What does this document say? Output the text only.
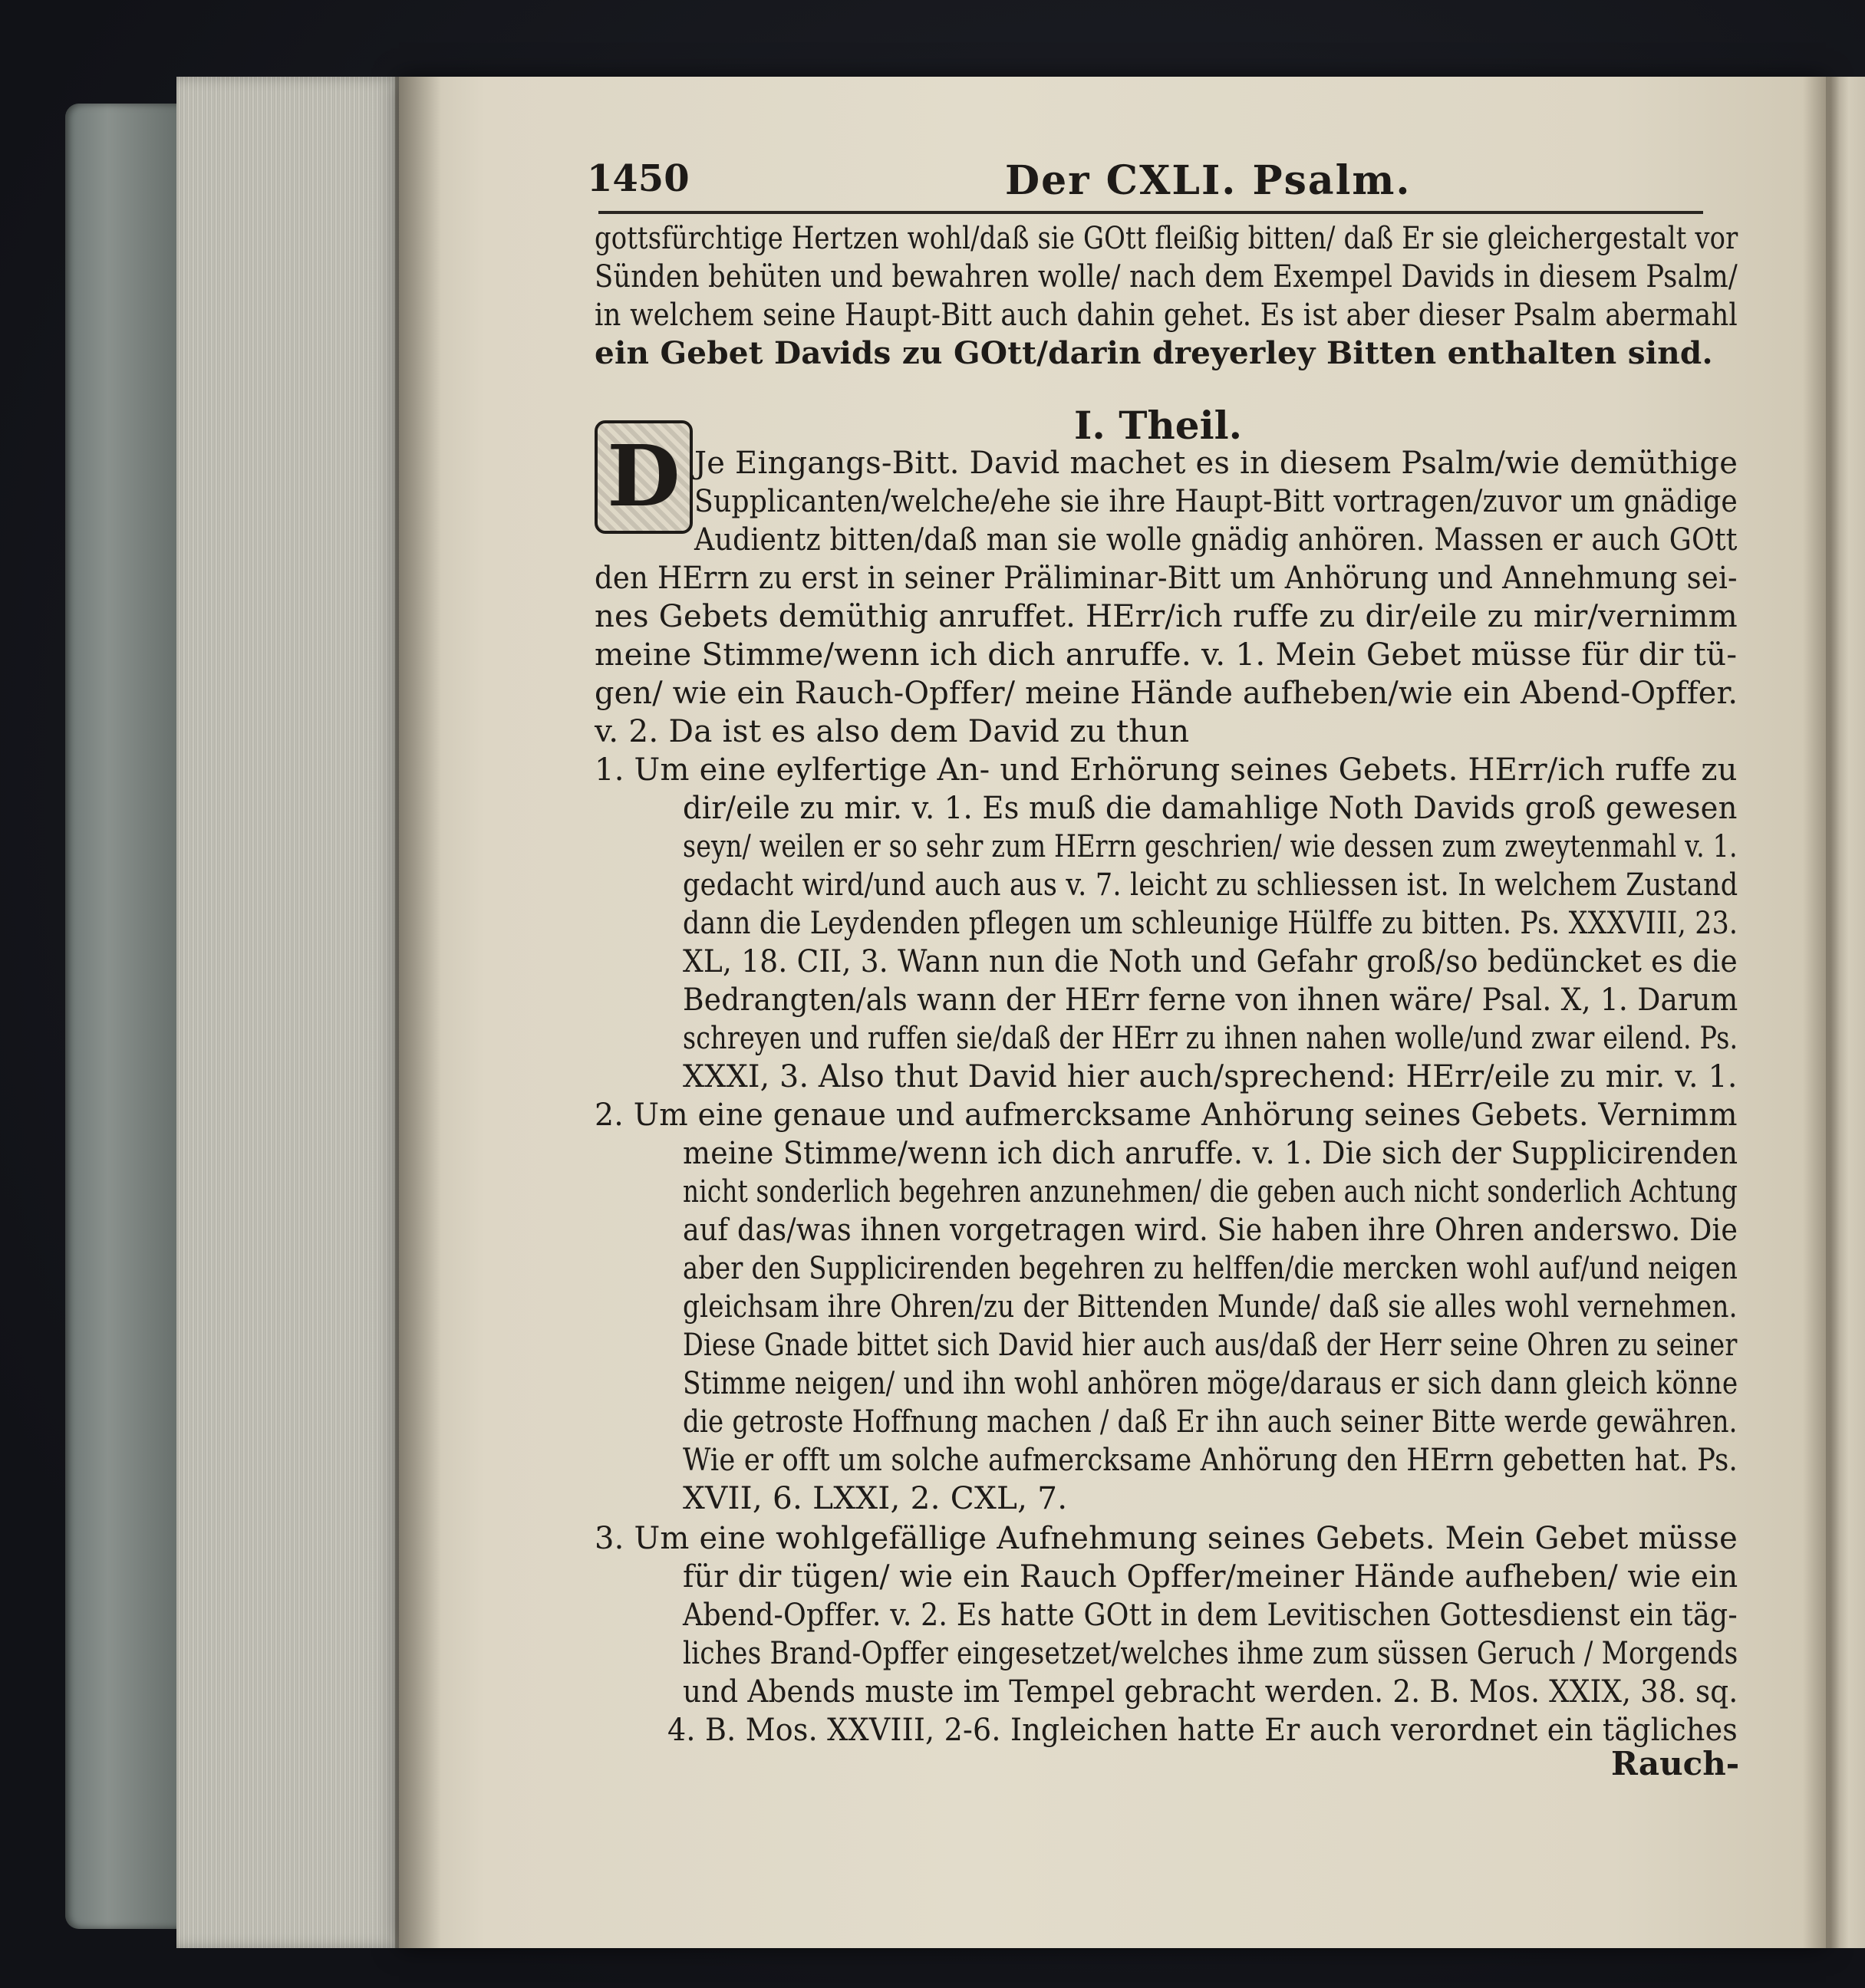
1450	Der CXLI. Psalm.
gottsfürchtige Hertzen wohl/daß sie GOtt fleißig bitten/ daß Er sie gleichergestalt vor
Sünden behüten und bewahren wolle/ nach dem Exempel Davids in diesem Psalm/
in welchem seine Haupt-Bitt auch dahin gehet. Es ist aber dieser Psalm abermahl
ein Gebet Davids zu GOtt/darin dreyerley Bitten enthalten sind.
I. Theil.
D Je Eingangs-Bitt. David machet es in diesem Psalm/wie demüthige
Supplicanten/welche/ehe sie ihre Haupt-Bitt vortragen/zuvor um gnädige
Audientz bitten/daß man sie wolle gnädig anhören. Massen er auch GOtt
den HErrn zu erst in seiner Präliminar-Bitt um Anhörung und Annehmung sei-
nes Gebets demüthig anruffet. HErr/ich ruffe zu dir/eile zu mir/vernimm
meine Stimme/wenn ich dich anruffe. v. 1. Mein Gebet müsse für dir tü-
gen/ wie ein Rauch-Opffer/ meine Hände aufheben/wie ein Abend-Opffer.
v. 2. Da ist es also dem David zu thun
1. Um eine eylfertige An- und Erhörung seines Gebets. HErr/ich ruffe zu
dir/eile zu mir. v. 1. Es muß die damahlige Noth Davids groß gewesen
seyn/ weilen er so sehr zum HErrn geschrien/ wie dessen zum zweytenmahl v. 1.
gedacht wird/und auch aus v. 7. leicht zu schliessen ist. In welchem Zustand
dann die Leydenden pflegen um schleunige Hülffe zu bitten. Ps. XXXVIII, 23.
XL, 18. CII, 3. Wann nun die Noth und Gefahr groß/so bedüncket es die
Bedrangten/als wann der HErr ferne von ihnen wäre/ Psal. X, 1. Darum
schreyen und ruffen sie/daß der HErr zu ihnen nahen wolle/und zwar eilend. Ps.
XXXI, 3. Also thut David hier auch/sprechend: HErr/eile zu mir. v. 1.
2. Um eine genaue und aufmercksame Anhörung seines Gebets. Vernimm
meine Stimme/wenn ich dich anruffe. v. 1. Die sich der Supplicirenden
nicht sonderlich begehren anzunehmen/ die geben auch nicht sonderlich Achtung
auf das/was ihnen vorgetragen wird. Sie haben ihre Ohren anderswo. Die
aber den Supplicirenden begehren zu helffen/die mercken wohl auf/und neigen
gleichsam ihre Ohren/zu der Bittenden Munde/ daß sie alles wohl vernehmen.
Diese Gnade bittet sich David hier auch aus/daß der Herr seine Ohren zu seiner
Stimme neigen/ und ihn wohl anhören möge/daraus er sich dann gleich könne
die getroste Hoffnung machen / daß Er ihn auch seiner Bitte werde gewähren.
Wie er offt um solche aufmercksame Anhörung den HErrn gebetten hat. Ps.
XVII, 6. LXXI, 2. CXL, 7.
3. Um eine wohlgefällige Aufnehmung seines Gebets. Mein Gebet müsse
für dir tügen/ wie ein Rauch Opffer/meiner Hände aufheben/ wie ein
Abend-Opffer. v. 2. Es hatte GOtt in dem Levitischen Gottesdienst ein täg-
liches Brand-Opffer eingesetzet/welches ihme zum süssen Geruch / Morgends
und Abends muste im Tempel gebracht werden. 2. B. Mos. XXIX, 38. sq.
4. B. Mos. XXVIII, 2-6. Ingleichen hatte Er auch verordnet ein tägliches
Rauch-
